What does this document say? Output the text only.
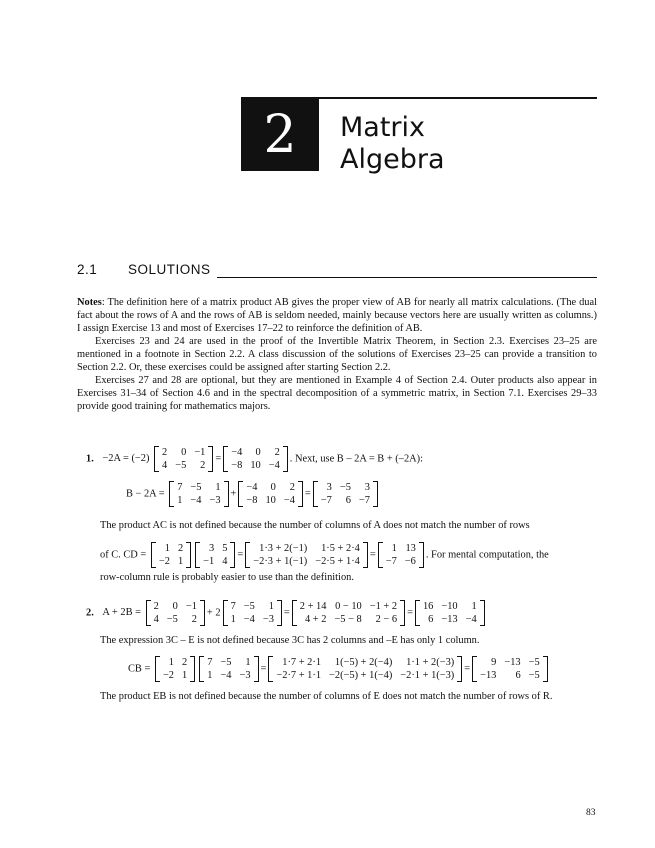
2	Matrix
Algebra
2.1 SOLUTIONS

Notes: The definition here of a matrix product AB gives the proper view of AB for nearly all matrix calculations. (The dual fact about the rows of A and the rows of AB is seldom needed, mainly because vectors here are usually written as columns.) I assign Exercise 13 and most of Exercises 17–22 to reinforce the definition of AB.

Exercises 23 and 24 are used in the proof of the Invertible Matrix Theorem, in Section 2.3. Exercises 23–25 are mentioned in a footnote in Section 2.2. A class discussion of the solutions of Exercises 23–25 can provide a transition to Section 2.2. Or, these exercises could be assigned after starting Section 2.2.

Exercises 27 and 28 are optional, but they are mentioned in Example 4 of Section 2.4. Outer products also appear in Exercises 31–34 of Section 4.6 and in the spectral decomposition of a symmetric matrix, in Section 7.1. Exercises 29–33 provide good training for mathematics majors.

1. −2A = (−2)
2	0	−1
4	−5	2
=
−4	0	2
−8	10	−4
. Next, use B – 2A = B + (–2A):
B − 2A =
7	−5	1
1	−4	−3
+
−4	0	2
−8	10	−4
=
3	−5	3
−7	6	−7
The product AC is not defined because the number of columns of A does not match the number of rows
of C. CD =
1	2
−2	1
3	5
−1	4
=
1·3 + 2(−1)	1·5 + 2·4
−2·3 + 1(−1)	−2·5 + 1·4
=
1	13
−7	−6
. For mental computation, the
row-column rule is probably easier to use than the definition.
2. A + 2B =
2	0	−1
4	−5	2
+ 2
7	−5	1
1	−4	−3
=
2 + 14	0 − 10	−1 + 2
4 + 2	−5 − 8	2 − 6
=
16	−10	1
6	−13	−4
The expression 3C – E is not defined because 3C has 2 columns and –E has only 1 column.
CB =
1	2
−2	1
7	−5	1
1	−4	−3
=
1·7 + 2·1	1(−5) + 2(−4)	1·1 + 2(−3)
−2·7 + 1·1	−2(−5) + 1(−4)	−2·1 + 1(−3)
=
9	−13	−5
−13	6	−5
The product EB is not defined because the number of columns of E does not match the number of rows of R.
83
